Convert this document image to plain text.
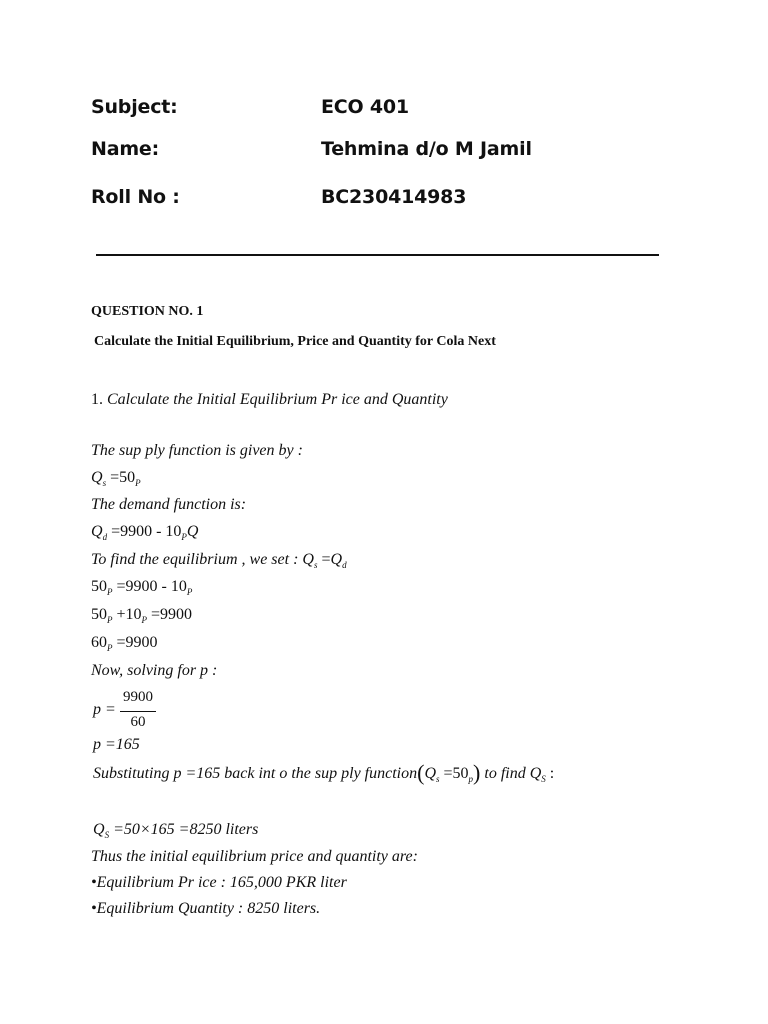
Subject:	ECO 401
Name:	Tehmina d/o M Jamil
Roll No :	BC230414983
QUESTION NO. 1
Calculate the Initial Equilibrium, Price and Quantity for Cola Next
1. Calculate the Initial Equilibrium Pr ice and Quantity
The sup ply function is given by :
$Q_s =50_P$
The demand function is:
$Q_d =9900 - 10_PQ$
To find the equilibrium , we set : $Q_s =Q_d$
$50_P =9900 - 10_P$
$50_P +10_P =9900$
$60_P =9900$
Now, solving for p :
p =
9900
60
p =165
Substituting p =165 back int o the sup ply $function(Q_s =50_p)$ to find $Q_S$ :
$Q_S =50\times 165 =8250$ liters
Thus the initial equilibrium price and quantity are:
•Equilibrium Pr ice : 165,000 PKR liter
•Equilibrium Quantity : 8250 liters.
